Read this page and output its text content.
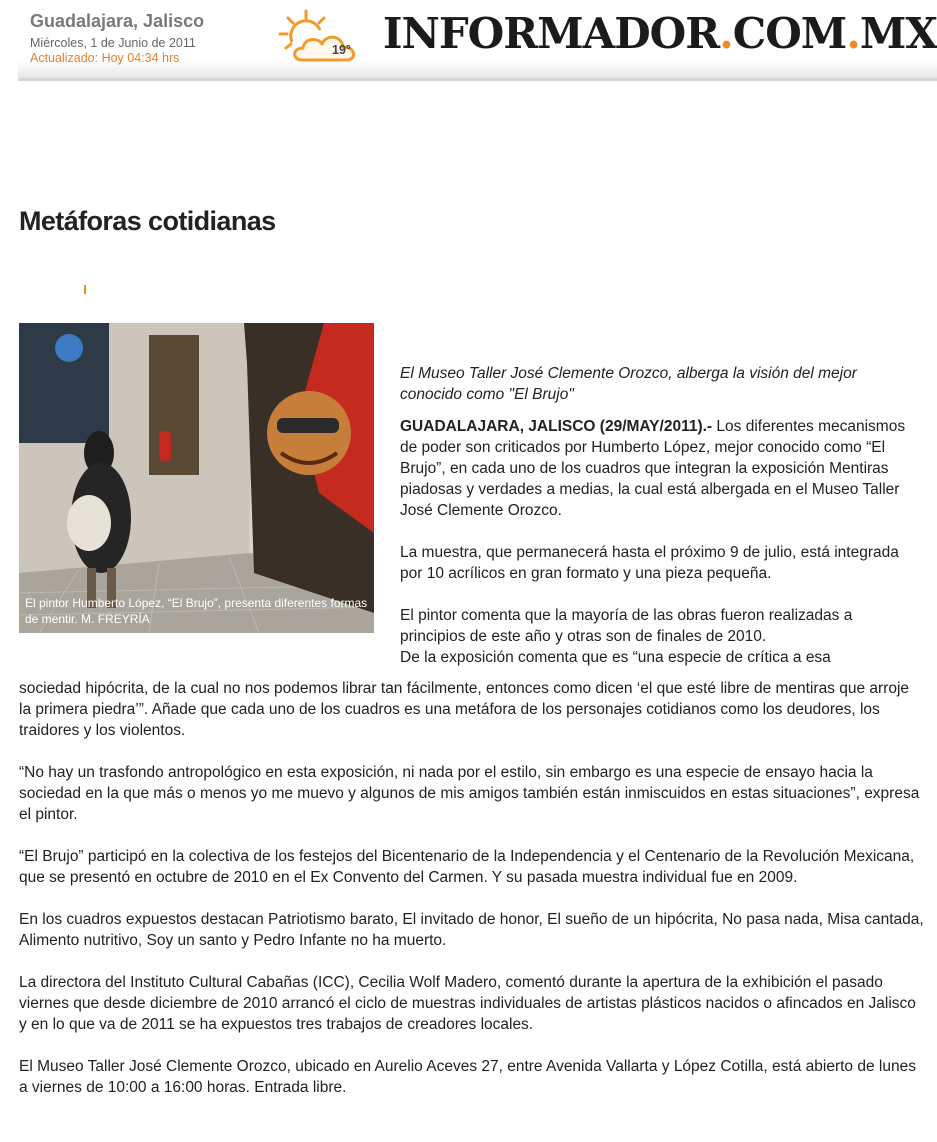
Guadalajara, Jalisco
Miércoles, 1 de Junio de 2011
Actualizado: Hoy 04:34 hrs
19° INFORMADOR.COM.MX
Metáforas cotidianas
El pintor Humberto López, “El Brujo”, presenta diferentes formas de mentir. M. FREYRÍA

El Museo Taller José Clemente Orozco, alberga la visión del mejor conocido como "El Brujo"

GUADALAJARA, JALISCO (29/MAY/2011).- Los diferentes mecanismos de poder son criticados por Humberto López, mejor conocido como “El Brujo”, en cada uno de los cuadros que integran la exposición Mentiras piadosas y verdades a medias, la cual está albergada en el Museo Taller José Clemente Orozco.

La muestra, que permanecerá hasta el próximo 9 de julio, está integrada por 10 acrílicos en gran formato y una pieza pequeña.

El pintor comenta que la mayoría de las obras fueron realizadas a principios de este año y otras son de finales de 2010.

De la exposición comenta que es “una especie de crítica a esa

sociedad hipócrita, de la cual no nos podemos librar tan fácilmente, entonces como dicen ‘el que esté libre de mentiras que arroje la primera piedra’”. Añade que cada uno de los cuadros es una metáfora de los personajes cotidianos como los deudores, los traidores y los violentos.

“No hay un trasfondo antropológico en esta exposición, ni nada por el estilo, sin embargo es una especie de ensayo hacia la sociedad en la que más o menos yo me muevo y algunos de mis amigos también están inmiscuidos en estas situaciones”, expresa el pintor.

“El Brujo” participó en la colectiva de los festejos del Bicentenario de la Independencia y el Centenario de la Revolución Mexicana, que se presentó en octubre de 2010 en el Ex Convento del Carmen. Y su pasada muestra individual fue en 2009.

En los cuadros expuestos destacan Patriotismo barato, El invitado de honor, El sueño de un hipócrita, No pasa nada, Misa cantada, Alimento nutritivo, Soy un santo y Pedro Infante no ha muerto.

La directora del Instituto Cultural Cabañas (ICC), Cecilia Wolf Madero, comentó durante la apertura de la exhibición el pasado viernes que desde diciembre de 2010 arrancó el ciclo de muestras individuales de artistas plásticos nacidos o afincados en Jalisco y en lo que va de 2011 se ha expuestos tres trabajos de creadores locales.

El Museo Taller José Clemente Orozco, ubicado en Aurelio Aceves 27, entre Avenida Vallarta y López Cotilla, está abierto de lunes a viernes de 10:00 a 16:00 horas. Entrada libre.
